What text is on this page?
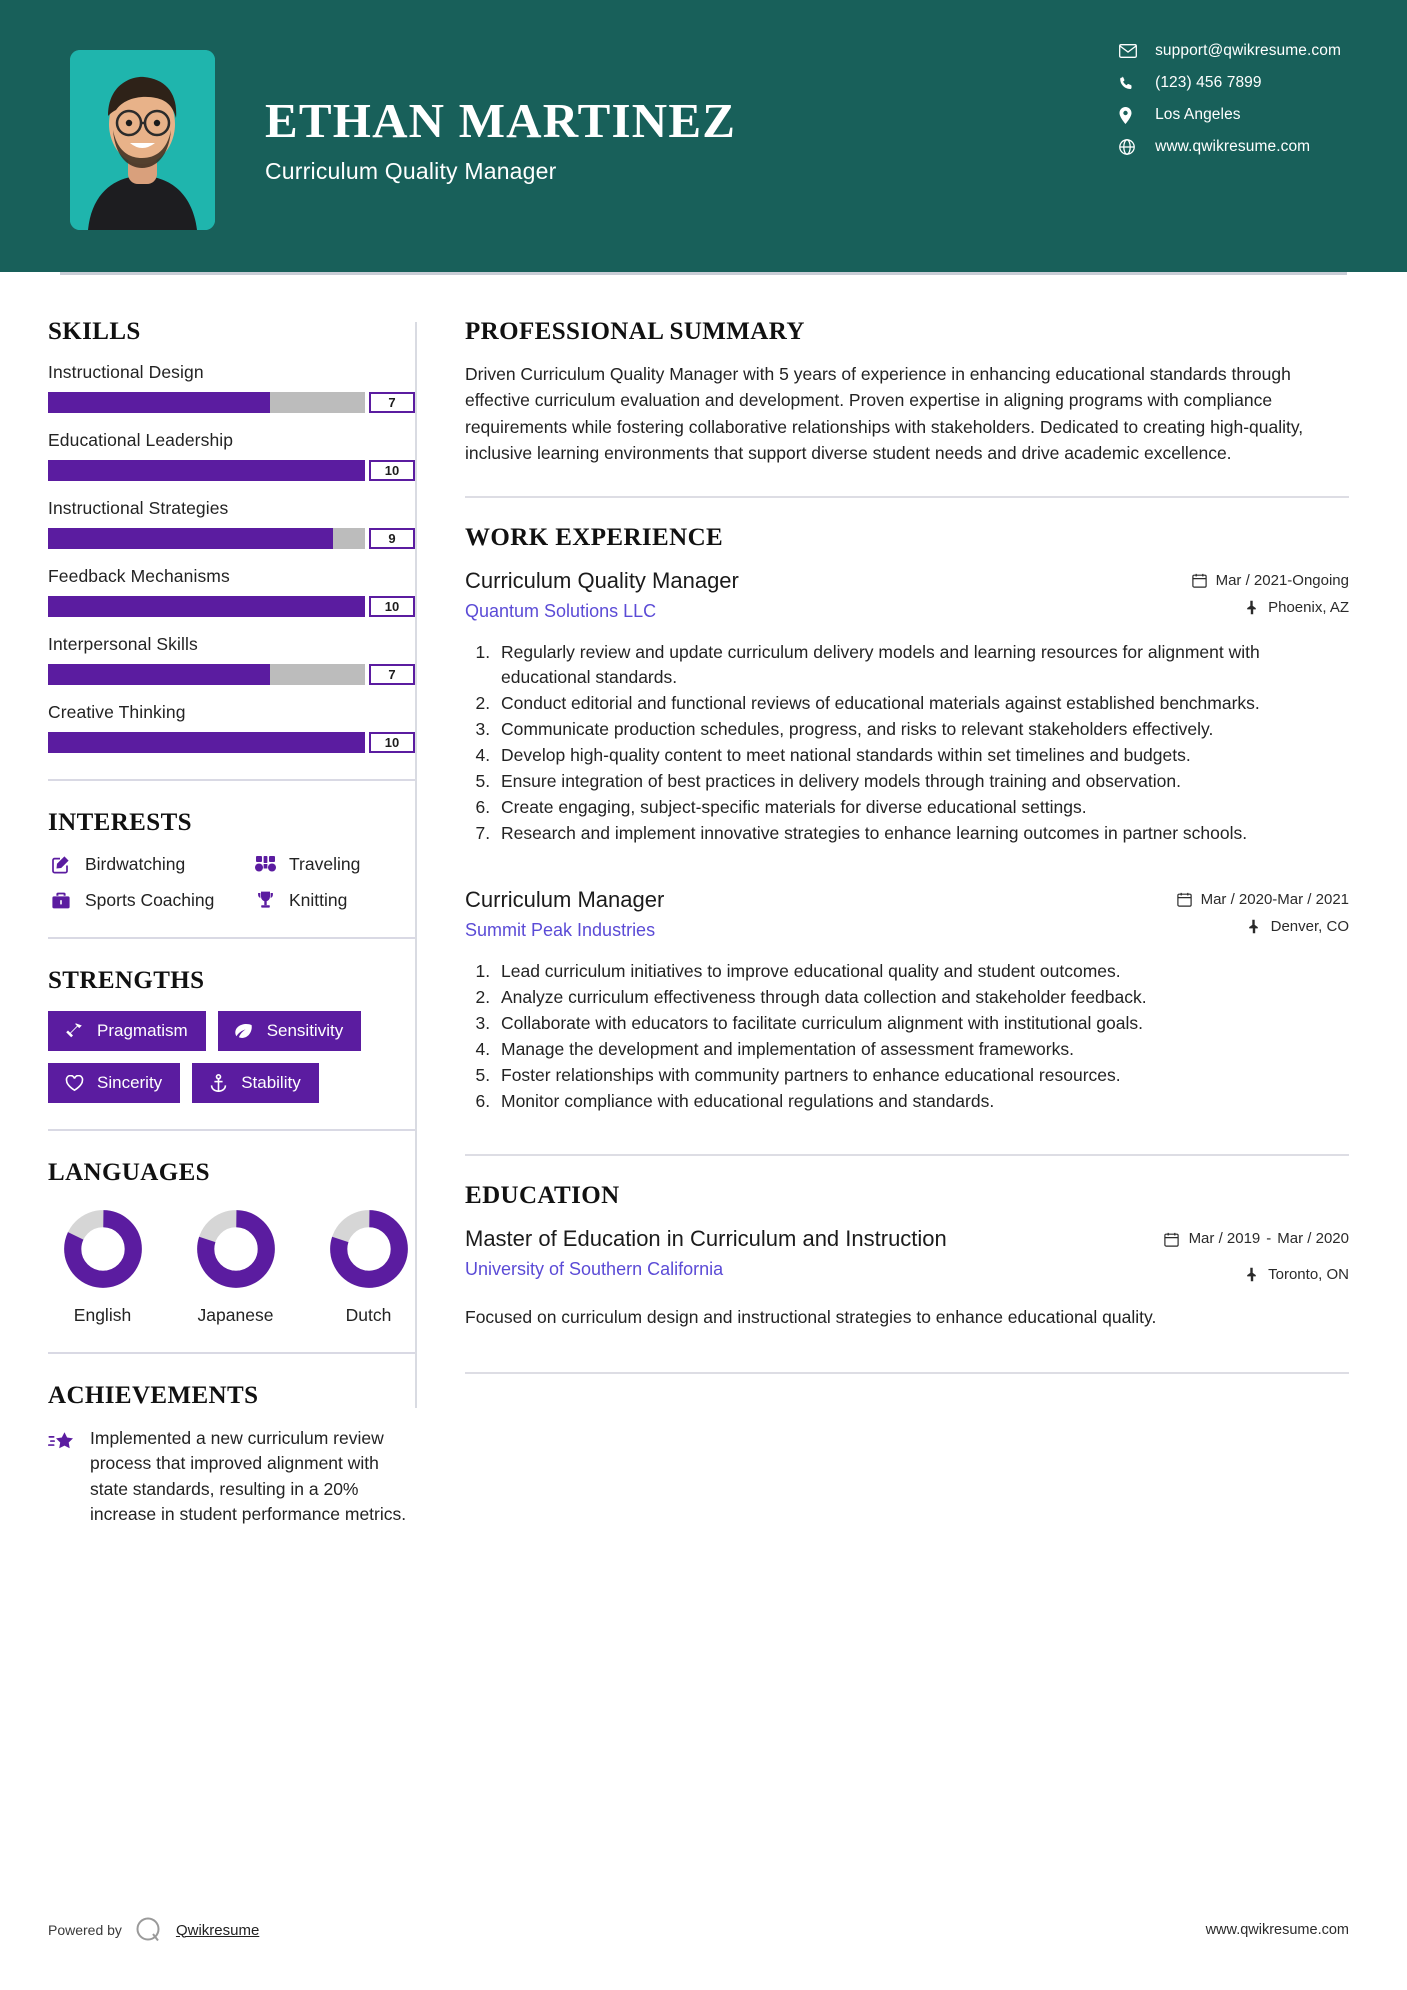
ETHAN MARTINEZ
Curriculum Quality Manager
support@qwikresume.com
(123) 456 7899
Los Angeles
www.qwikresume.com
SKILLS
Instructional Design
7
Educational Leadership
10
Instructional Strategies
9
Feedback Mechanisms
10
Interpersonal Skills
7
Creative Thinking
10
INTERESTS
Birdwatching	Traveling
Sports Coaching	Knitting
STRENGTHS
Pragmatism	Sensitivity
Sincerity	Stability
LANGUAGES
English	Japanese	Dutch
ACHIEVEMENTS
Implemented a new curriculum review process that improved alignment with state standards, resulting in a 20% increase in student performance metrics.
PROFESSIONAL SUMMARY

Driven Curriculum Quality Manager with 5 years of experience in enhancing educational standards through effective curriculum evaluation and development. Proven expertise in aligning programs with compliance requirements while fostering collaborative relationships with stakeholders. Dedicated to creating high-quality, inclusive learning environments that support diverse student needs and drive academic excellence.

WORK EXPERIENCE
Curriculum Quality Manager
Quantum Solutions LLC
Mar / 2021-Ongoing
Phoenix, AZ
1. Regularly review and update curriculum delivery models and learning resources for alignment with educational standards.
2. Conduct editorial and functional reviews of educational materials against established benchmarks.
3. Communicate production schedules, progress, and risks to relevant stakeholders effectively.
4. Develop high-quality content to meet national standards within set timelines and budgets.
5. Ensure integration of best practices in delivery models through training and observation.
6. Create engaging, subject-specific materials for diverse educational settings.
7. Research and implement innovative strategies to enhance learning outcomes in partner schools.
Curriculum Manager
Summit Peak Industries
Mar / 2020-Mar / 2021
Denver, CO
1. Lead curriculum initiatives to improve educational quality and student outcomes.
2. Analyze curriculum effectiveness through data collection and stakeholder feedback.
3. Collaborate with educators to facilitate curriculum alignment with institutional goals.
4. Manage the development and implementation of assessment frameworks.
5. Foster relationships with community partners to enhance educational resources.
6. Monitor compliance with educational regulations and standards.
EDUCATION
Master of Education in Curriculum and Instruction
University of Southern California
Mar / 2019 - Mar / 2020
Toronto, ON
Focused on curriculum design and instructional strategies to enhance educational quality.
Powered by	Qwikresume	www.qwikresume.com
